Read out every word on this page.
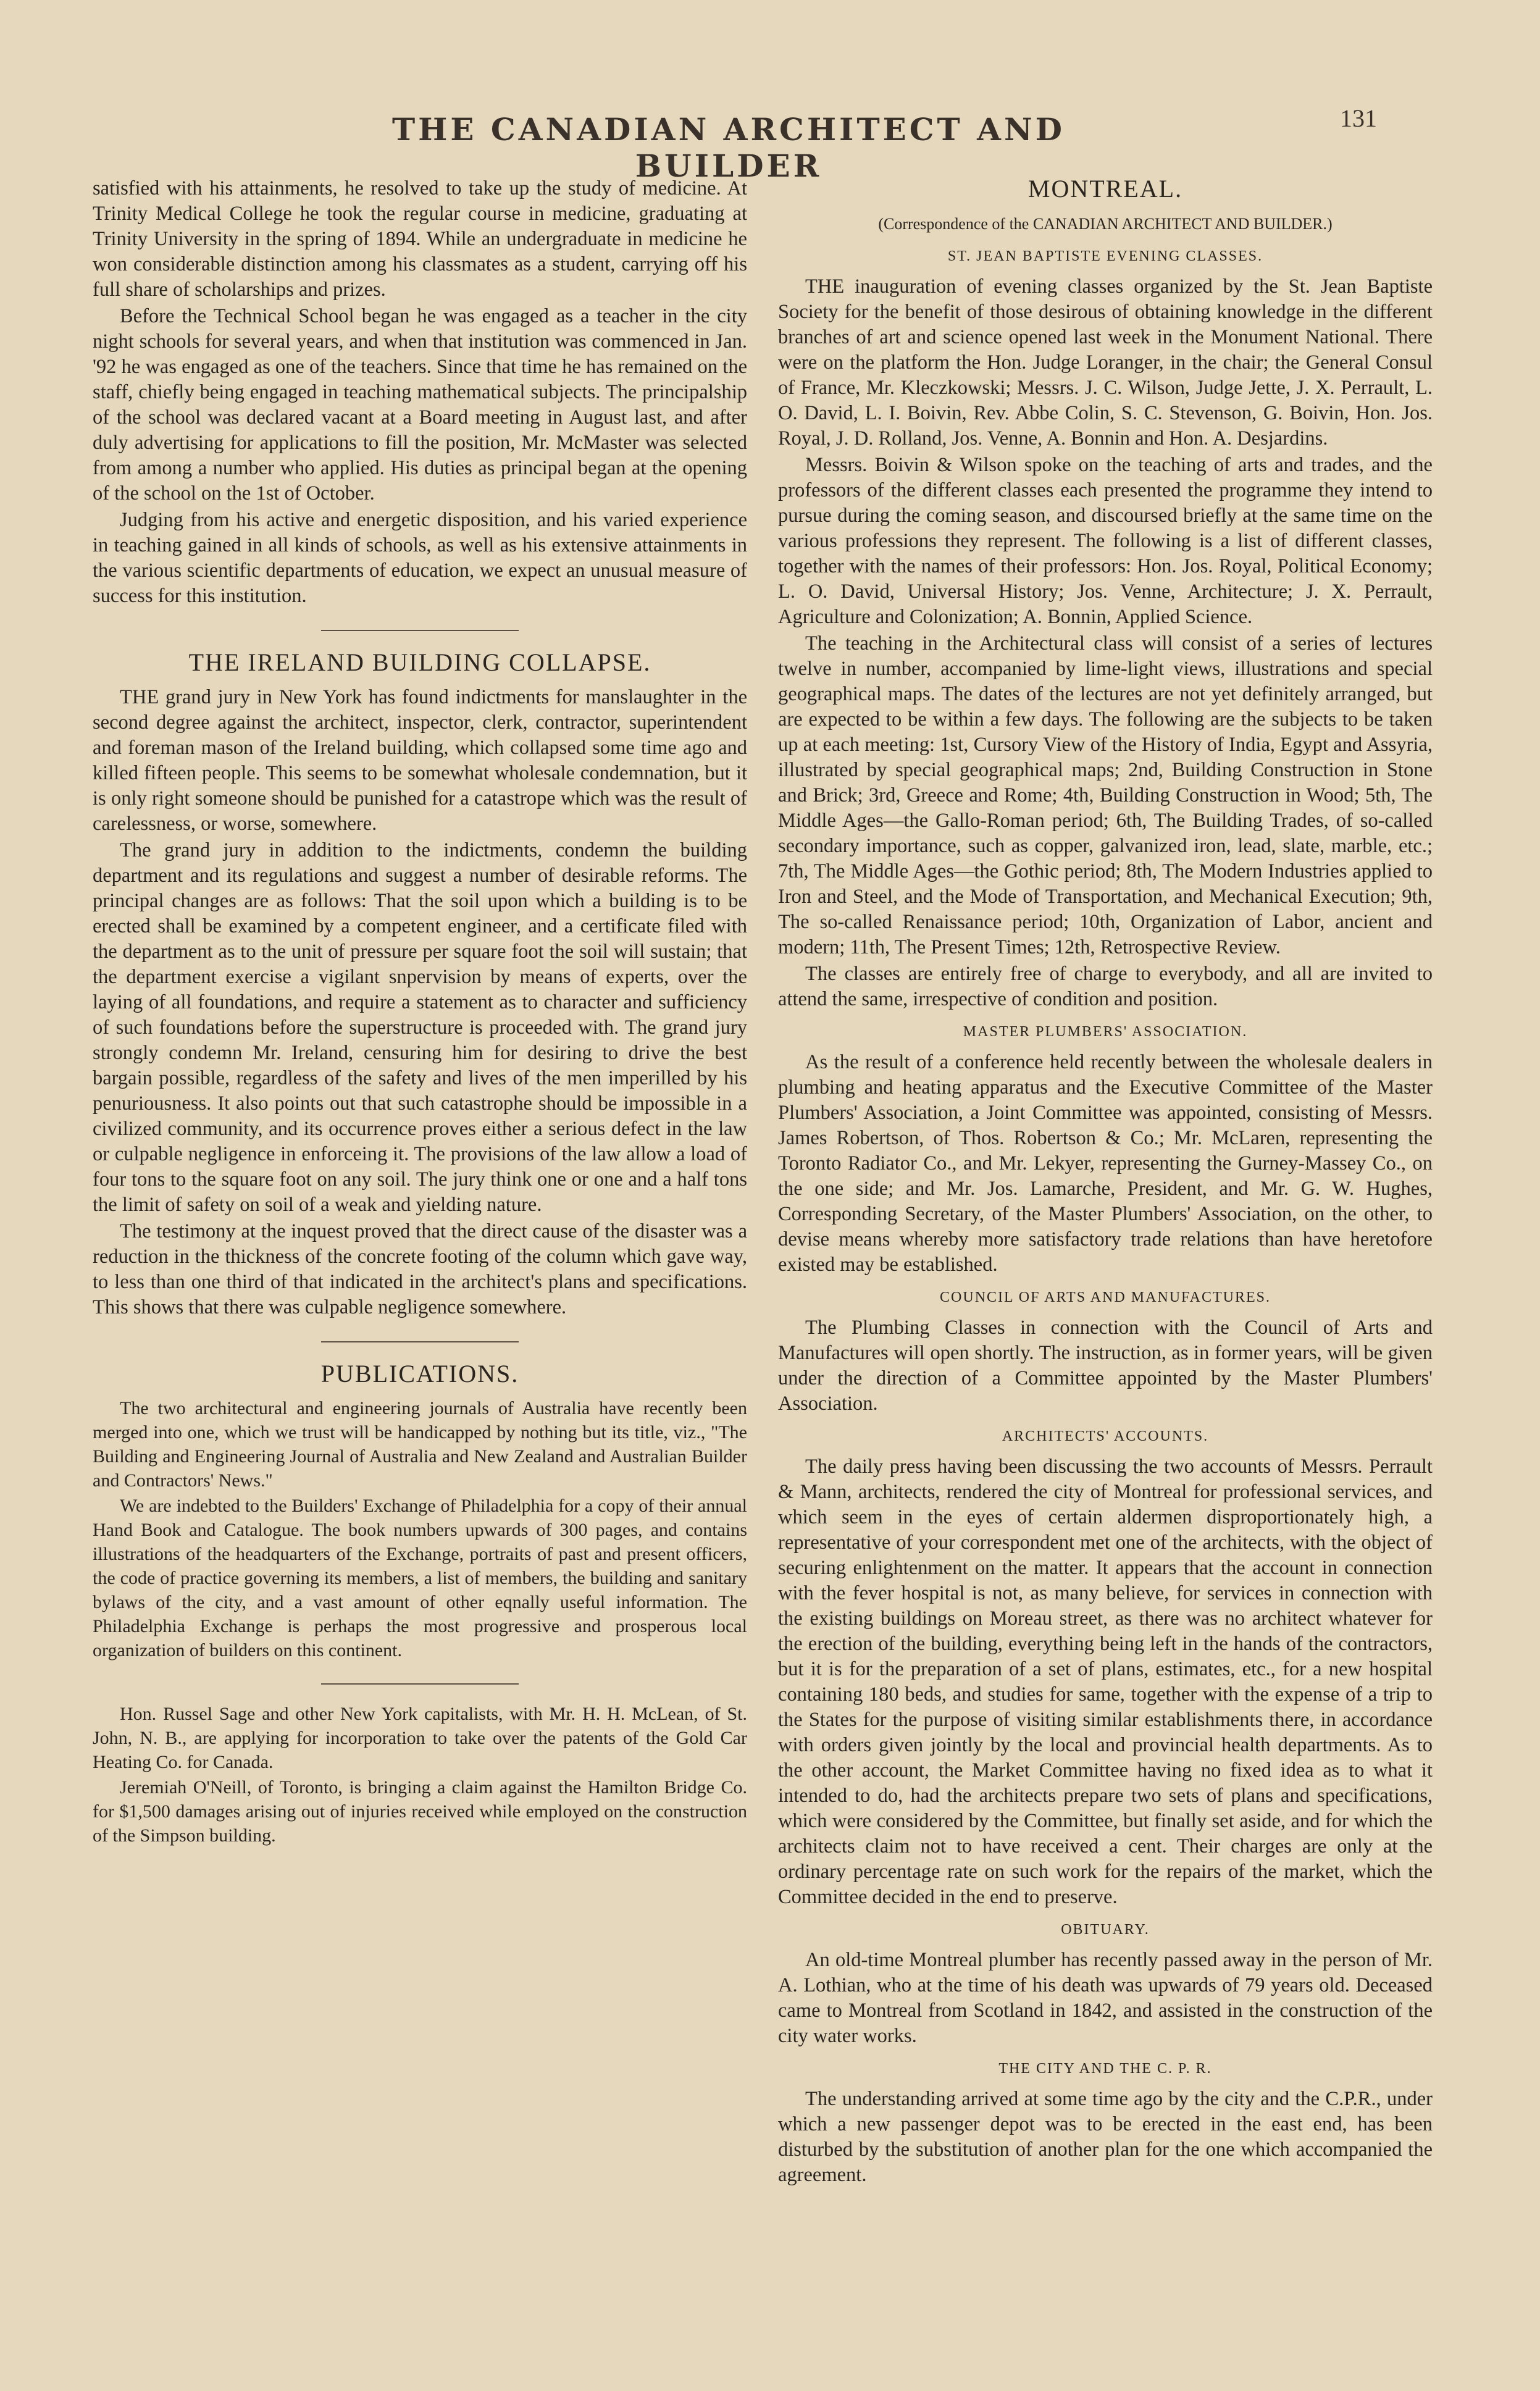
THE CANADIAN ARCHITECT AND BUILDER
131

satisfied with his attainments, he resolved to take up the study of medicine. At Trinity Medical College he took the regular course in medicine, graduating at Trinity University in the spring of 1894. While an undergraduate in medicine he won considerable distinction among his classmates as a student, carrying off his full share of scholarships and prizes.

Before the Technical School began he was engaged as a teacher in the city night schools for several years, and when that institution was commenced in Jan. '92 he was engaged as one of the teachers. Since that time he has remained on the staff, chiefly being engaged in teaching mathematical subjects. The principalship of the school was declared vacant at a Board meeting in August last, and after duly advertising for applications to fill the position, Mr. McMaster was selected from among a number who applied. His duties as principal began at the opening of the school on the 1st of October.

Judging from his active and energetic disposition, and his varied experience in teaching gained in all kinds of schools, as well as his extensive attainments in the various scientific departments of education, we expect an unusual measure of success for this institution.

THE IRELAND BUILDING COLLAPSE.

THE grand jury in New York has found indictments for manslaughter in the second degree against the architect, inspector, clerk, contractor, superintendent and foreman mason of the Ireland building, which collapsed some time ago and killed fifteen people. This seems to be somewhat wholesale condemnation, but it is only right someone should be punished for a catastrope which was the result of carelessness, or worse, somewhere.

The grand jury in addition to the indictments, condemn the building department and its regulations and suggest a number of desirable reforms. The principal changes are as follows: That the soil upon which a building is to be erected shall be examined by a competent engineer, and a certificate filed with the department as to the unit of pressure per square foot the soil will sustain; that the department exercise a vigilant snpervision by means of experts, over the laying of all foundations, and require a statement as to character and sufficiency of such foundations before the superstructure is proceeded with. The grand jury strongly condemn Mr. Ireland, censuring him for desiring to drive the best bargain possible, regardless of the safety and lives of the men imperilled by his penuriousness. It also points out that such catastrophe should be impossible in a civilized community, and its occurrence proves either a serious defect in the law or culpable negligence in enforceing it. The provisions of the law allow a load of four tons to the square foot on any soil. The jury think one or one and a half tons the limit of safety on soil of a weak and yielding nature.

The testimony at the inquest proved that the direct cause of the disaster was a reduction in the thickness of the concrete footing of the column which gave way, to less than one third of that indicated in the architect's plans and specifications. This shows that there was culpable negligence somewhere.

PUBLICATIONS.

The two architectural and engineering journals of Australia have recently been merged into one, which we trust will be handicapped by nothing but its title, viz., "The Building and Engineering Journal of Australia and New Zealand and Australian Builder and Contractors' News."

We are indebted to the Builders' Exchange of Philadelphia for a copy of their annual Hand Book and Catalogue. The book numbers upwards of 300 pages, and contains illustrations of the headquarters of the Exchange, portraits of past and present officers, the code of practice governing its members, a list of members, the building and sanitary bylaws of the city, and a vast amount of other eqnally useful information. The Philadelphia Exchange is perhaps the most progressive and prosperous local organization of builders on this continent.

Hon. Russel Sage and other New York capitalists, with Mr. H. H. McLean, of St. John, N. B., are applying for incorporation to take over the patents of the Gold Car Heating Co. for Canada.

Jeremiah O'Neill, of Toronto, is bringing a claim against the Hamilton Bridge Co. for $1,500 damages arising out of injuries received while employed on the construction of the Simpson building.

MONTREAL.
(Correspondence of the CANADIAN ARCHITECT AND BUILDER.)
ST. JEAN BAPTISTE EVENING CLASSES.

THE inauguration of evening classes organized by the St. Jean Baptiste Society for the benefit of those desirous of obtaining knowledge in the different branches of art and science opened last week in the Monument National. There were on the platform the Hon. Judge Loranger, in the chair; the General Consul of France, Mr. Kleczkowski; Messrs. J. C. Wilson, Judge Jette, J. X. Perrault, L. O. David, L. I. Boivin, Rev. Abbe Colin, S. C. Stevenson, G. Boivin, Hon. Jos. Royal, J. D. Rolland, Jos. Venne, A. Bonnin and Hon. A. Desjardins.

Messrs. Boivin & Wilson spoke on the teaching of arts and trades, and the professors of the different classes each presented the programme they intend to pursue during the coming season, and discoursed briefly at the same time on the various professions they represent. The following is a list of different classes, together with the names of their professors: Hon. Jos. Royal, Political Economy; L. O. David, Universal History; Jos. Venne, Architecture; J. X. Perrault, Agriculture and Colonization; A. Bonnin, Applied Science.

The teaching in the Architectural class will consist of a series of lectures twelve in number, accompanied by lime-light views, illustrations and special geographical maps. The dates of the lectures are not yet definitely arranged, but are expected to be within a few days. The following are the subjects to be taken up at each meeting: 1st, Cursory View of the History of India, Egypt and Assyria, illustrated by special geographical maps; 2nd, Building Construction in Stone and Brick; 3rd, Greece and Rome; 4th, Building Construction in Wood; 5th, The Middle Ages—the Gallo-Roman period; 6th, The Building Trades, of so-called secondary importance, such as copper, galvanized iron, lead, slate, marble, etc.; 7th, The Middle Ages—the Gothic period; 8th, The Modern Industries applied to Iron and Steel, and the Mode of Transportation, and Mechanical Execution; 9th, The so-called Renaissance period; 10th, Organization of Labor, ancient and modern; 11th, The Present Times; 12th, Retrospective Review.

The classes are entirely free of charge to everybody, and all are invited to attend the same, irrespective of condition and position.

MASTER PLUMBERS' ASSOCIATION.

As the result of a conference held recently between the wholesale dealers in plumbing and heating apparatus and the Executive Committee of the Master Plumbers' Association, a Joint Committee was appointed, consisting of Messrs. James Robertson, of Thos. Robertson & Co.; Mr. McLaren, representing the Toronto Radiator Co., and Mr. Lekyer, representing the Gurney-Massey Co., on the one side; and Mr. Jos. Lamarche, President, and Mr. G. W. Hughes, Corresponding Secretary, of the Master Plumbers' Association, on the other, to devise means whereby more satisfactory trade relations than have heretofore existed may be established.

COUNCIL OF ARTS AND MANUFACTURES.

The Plumbing Classes in connection with the Council of Arts and Manufactures will open shortly. The instruction, as in former years, will be given under the direction of a Committee appointed by the Master Plumbers' Association.

ARCHITECTS' ACCOUNTS.

The daily press having been discussing the two accounts of Messrs. Perrault & Mann, architects, rendered the city of Montreal for professional services, and which seem in the eyes of certain aldermen disproportionately high, a representative of your correspondent met one of the architects, with the object of securing enlightenment on the matter. It appears that the account in connection with the fever hospital is not, as many believe, for services in connection with the existing buildings on Moreau street, as there was no architect whatever for the erection of the building, everything being left in the hands of the contractors, but it is for the preparation of a set of plans, estimates, etc., for a new hospital containing 180 beds, and studies for same, together with the expense of a trip to the States for the purpose of visiting similar establishments there, in accordance with orders given jointly by the local and provincial health departments. As to the other account, the Market Committee having no fixed idea as to what it intended to do, had the architects prepare two sets of plans and specifications, which were considered by the Committee, but finally set aside, and for which the architects claim not to have received a cent. Their charges are only at the ordinary percentage rate on such work for the repairs of the market, which the Committee decided in the end to preserve.

OBITUARY.

An old-time Montreal plumber has recently passed away in the person of Mr. A. Lothian, who at the time of his death was upwards of 79 years old. Deceased came to Montreal from Scotland in 1842, and assisted in the construction of the city water works.

THE CITY AND THE C. P. R.

The understanding arrived at some time ago by the city and the C.P.R., under which a new passenger depot was to be erected in the east end, has been disturbed by the substitution of another plan for the one which accompanied the agreement.
